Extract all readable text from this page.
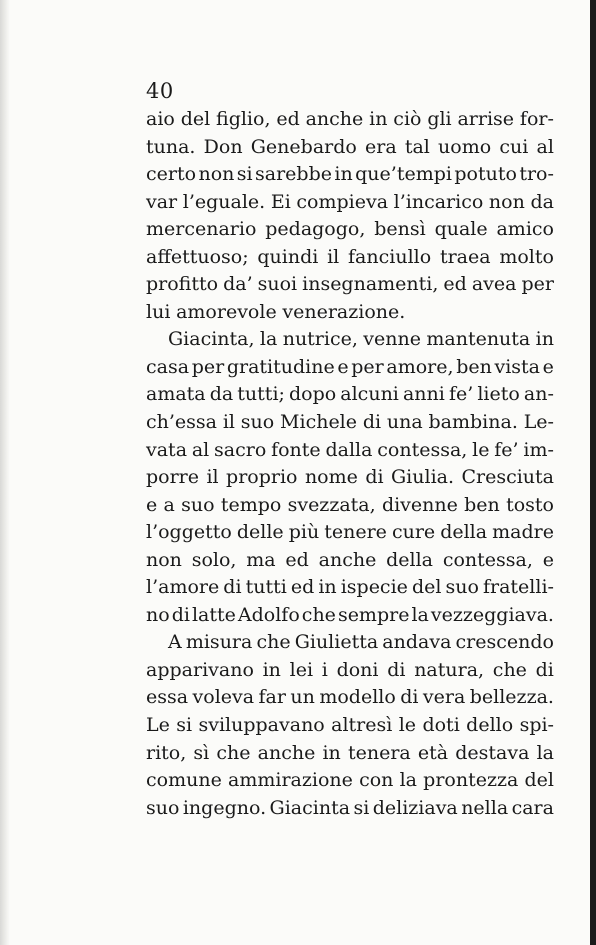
40
aio del figlio, ed anche in ciò gli arrise for-
tuna. Don Genebardo era tal uomo cui al
certo non si sarebbe in que’tempi potuto tro-
var l’eguale. Ei compieva l’incarico non da
mercenario pedagogo, bensì quale amico
affettuoso; quindi il fanciullo traea molto
profitto da’ suoi insegnamenti, ed avea per
lui amorevole venerazione.
Giacinta, la nutrice, venne mantenuta in
casa per gratitudine e per amore, ben vista e
amata da tutti; dopo alcuni anni fe’ lieto an-
ch’essa il suo Michele di una bambina. Le-
vata al sacro fonte dalla contessa, le fe’ im-
porre il proprio nome di Giulia. Cresciuta
e a suo tempo svezzata, divenne ben tosto
l’oggetto delle più tenere cure della madre
non solo, ma ed anche della contessa, e
l’amore di tutti ed in ispecie del suo fratelli-
no di latte Adolfo che sempre la vezzeggiava.
A misura che Giulietta andava crescendo
apparivano in lei i doni di natura, che di
essa voleva far un modello di vera bellezza.
Le si sviluppavano altresì le doti dello spi-
rito, sì che anche in tenera età destava la
comune ammirazione con la prontezza del
suo ingegno. Giacinta si deliziava nella cara
